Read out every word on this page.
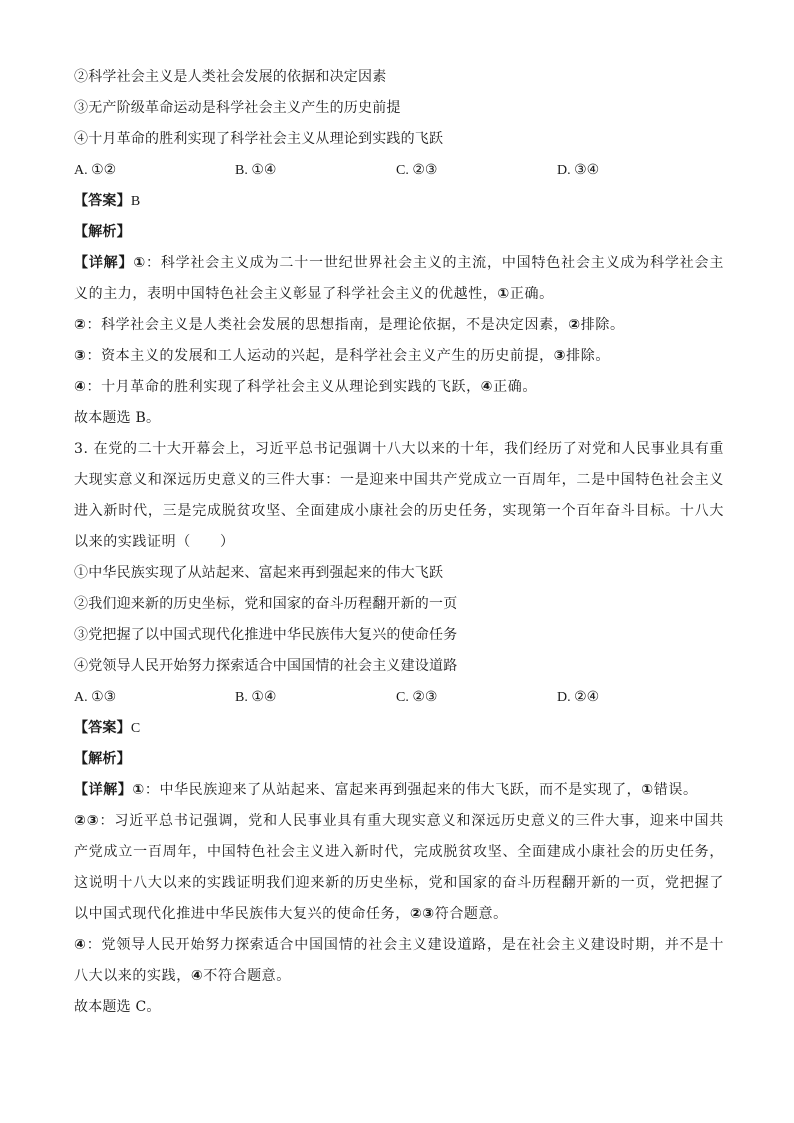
②科学社会主义是人类社会发展的依据和决定因素
③无产阶级革命运动是科学社会主义产生的历史前提
④十月革命的胜利实现了科学社会主义从理论到实践的飞跃
A. ①②	B. ①④	C. ②③	D. ③④
【答案】B
【解析】
【详解】①：科学社会主义成为二十一世纪世界社会主义的主流，中国特色社会主义成为科学社会主义的主力，表明中国特色社会主义彰显了科学社会主义的优越性，①正确。
②：科学社会主义是人类社会发展的思想指南，是理论依据，不是决定因素，②排除。
③：资本主义的发展和工人运动的兴起，是科学社会主义产生的历史前提，③排除。
④：十月革命的胜利实现了科学社会主义从理论到实践的飞跃，④正确。
故本题选 B。
3. 在党的二十大开幕会上，习近平总书记强调十八大以来的十年，我们经历了对党和人民事业具有重大现实意义和深远历史意义的三件大事：一是迎来中国共产党成立一百周年，二是中国特色社会主义进入新时代，三是完成脱贫攻坚、全面建成小康社会的历史任务，实现第一个百年奋斗目标。十八大以来的实践证明（　　）
①中华民族实现了从站起来、富起来再到强起来的伟大飞跃
②我们迎来新的历史坐标，党和国家的奋斗历程翻开新的一页
③党把握了以中国式现代化推进中华民族伟大复兴的使命任务
④党领导人民开始努力探索适合中国国情的社会主义建设道路
A. ①③	B. ①④	C. ②③	D. ②④
【答案】C
【解析】
【详解】①：中华民族迎来了从站起来、富起来再到强起来的伟大飞跃，而不是实现了，①错误。
②③：习近平总书记强调，党和人民事业具有重大现实意义和深远历史意义的三件大事，迎来中国共产党成立一百周年，中国特色社会主义进入新时代，完成脱贫攻坚、全面建成小康社会的历史任务，这说明十八大以来的实践证明我们迎来新的历史坐标，党和国家的奋斗历程翻开新的一页，党把握了以中国式现代化推进中华民族伟大复兴的使命任务，②③符合题意。
④：党领导人民开始努力探索适合中国国情的社会主义建设道路，是在社会主义建设时期，并不是十八大以来的实践，④不符合题意。
故本题选 C。
